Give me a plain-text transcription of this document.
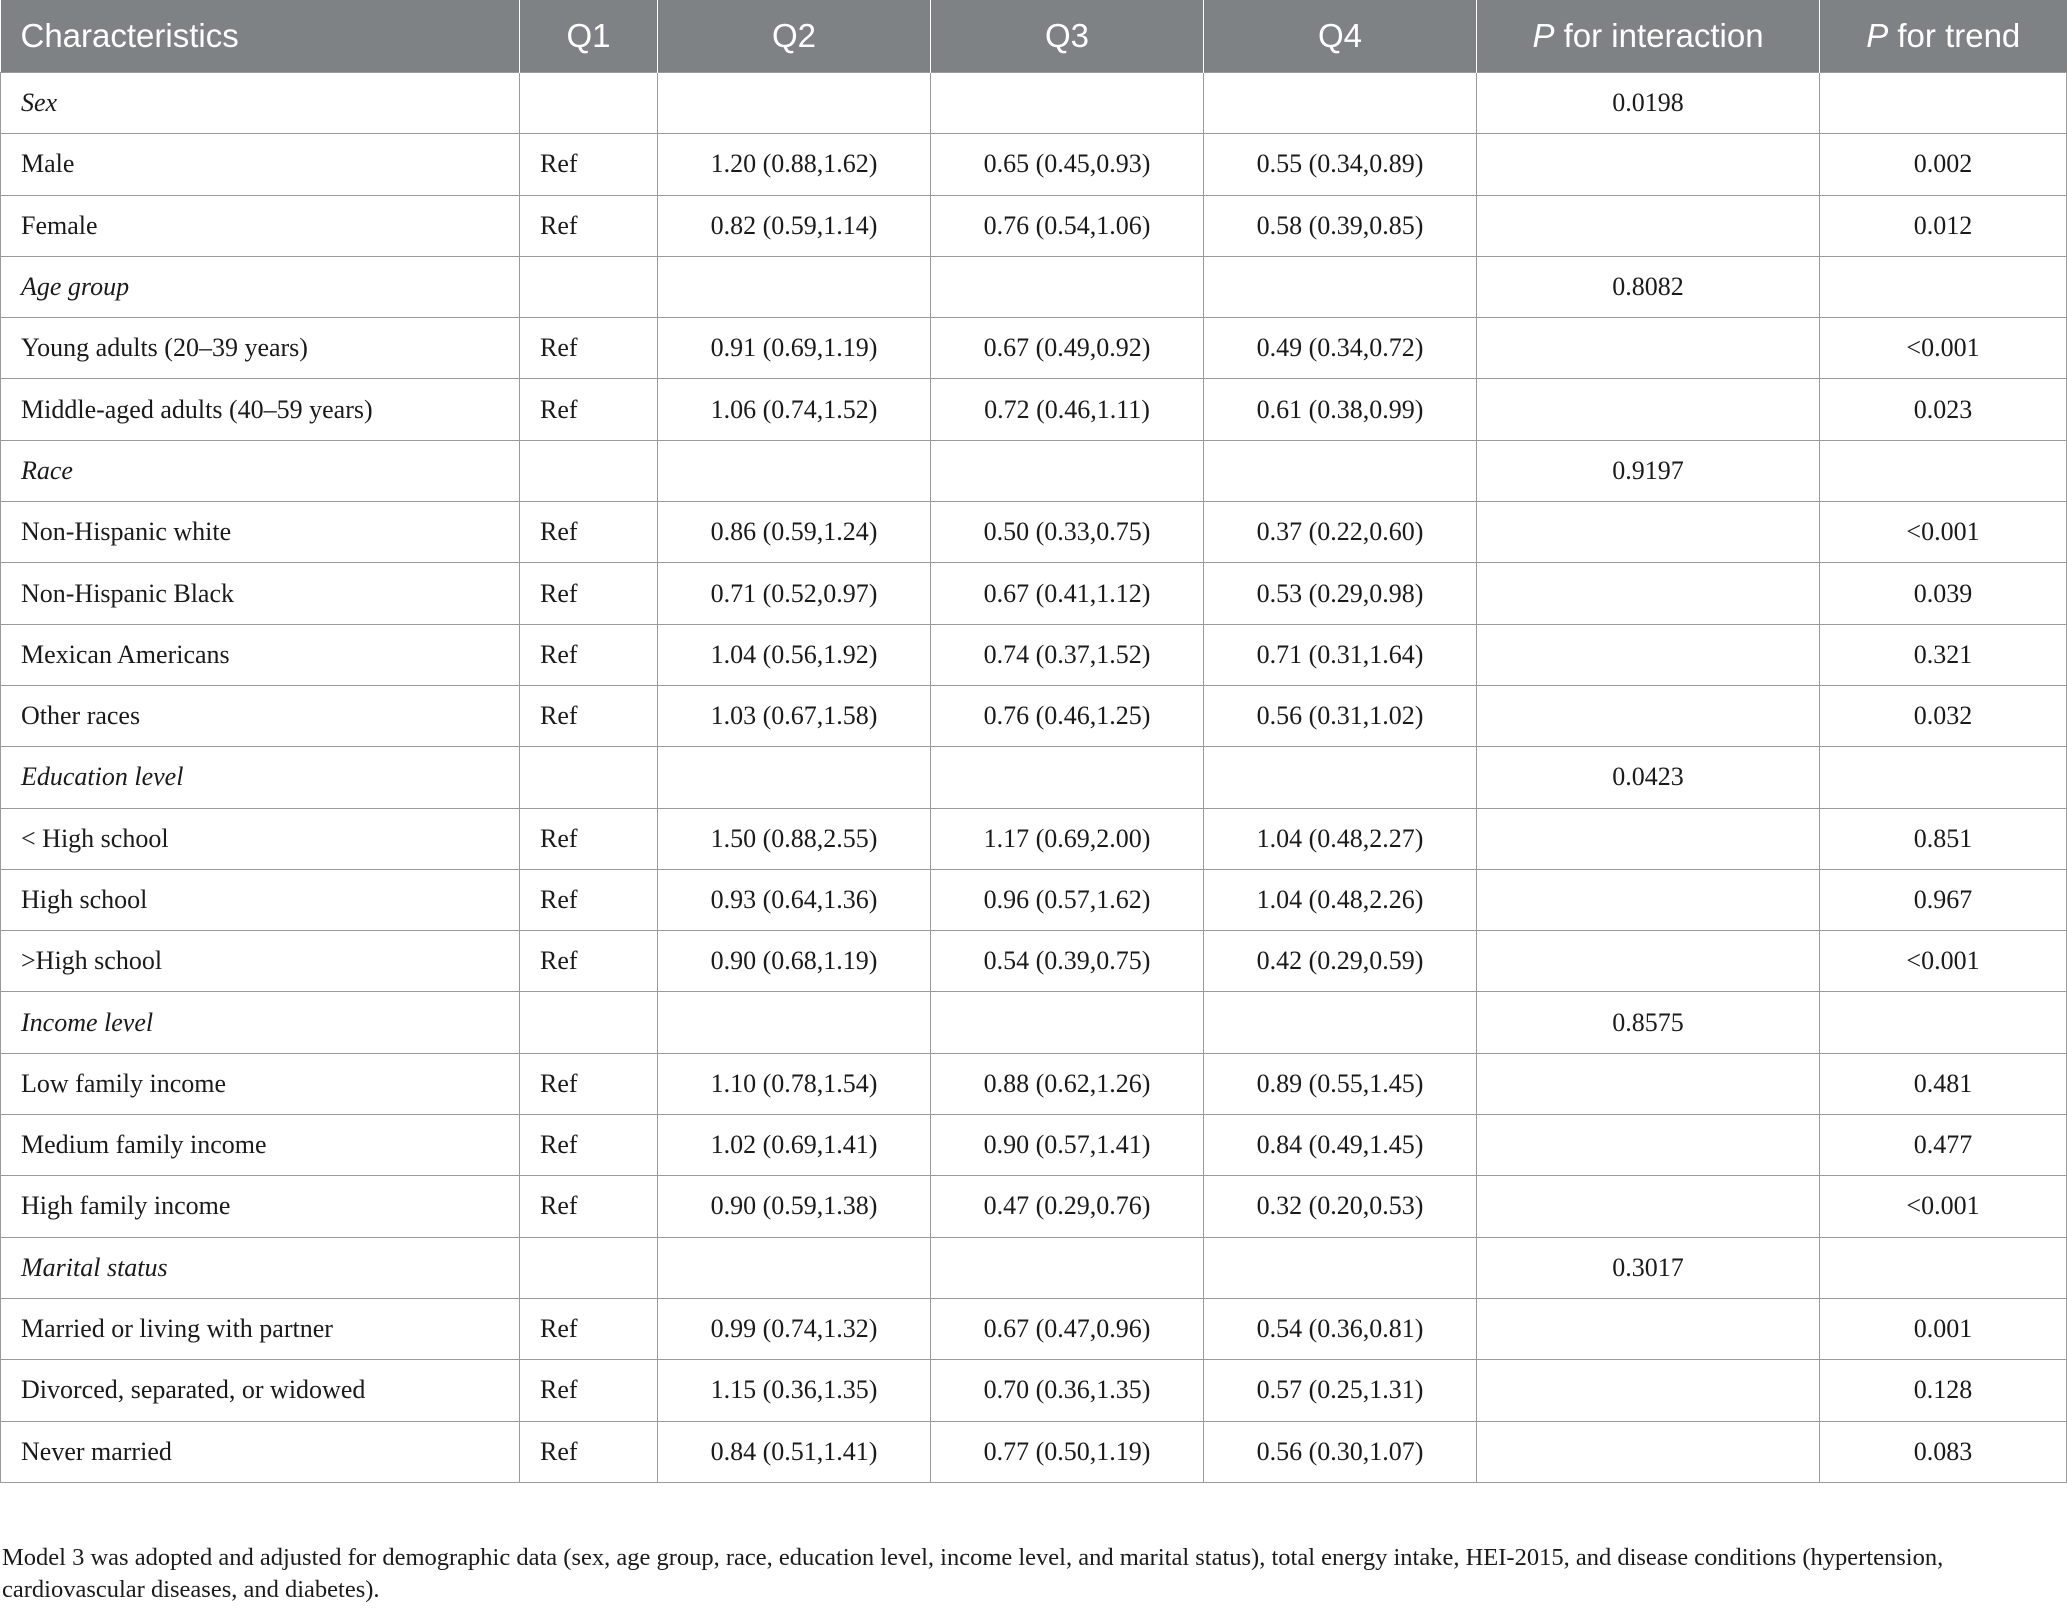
Characteristics	Q1	Q2	Q3	Q4	P for interaction	P for trend
Sex					0.0198	
Male	Ref	1.20 (0.88,1.62)	0.65 (0.45,0.93)	0.55 (0.34,0.89)		0.002
Female	Ref	0.82 (0.59,1.14)	0.76 (0.54,1.06)	0.58 (0.39,0.85)		0.012
Age group					0.8082	
Young adults (20–39 years)	Ref	0.91 (0.69,1.19)	0.67 (0.49,0.92)	0.49 (0.34,0.72)		<0.001
Middle-aged adults (40–59 years)	Ref	1.06 (0.74,1.52)	0.72 (0.46,1.11)	0.61 (0.38,0.99)		0.023
Race					0.9197	
Non-Hispanic white	Ref	0.86 (0.59,1.24)	0.50 (0.33,0.75)	0.37 (0.22,0.60)		<0.001
Non-Hispanic Black	Ref	0.71 (0.52,0.97)	0.67 (0.41,1.12)	0.53 (0.29,0.98)		0.039
Mexican Americans	Ref	1.04 (0.56,1.92)	0.74 (0.37,1.52)	0.71 (0.31,1.64)		0.321
Other races	Ref	1.03 (0.67,1.58)	0.76 (0.46,1.25)	0.56 (0.31,1.02)		0.032
Education level					0.0423	
< High school	Ref	1.50 (0.88,2.55)	1.17 (0.69,2.00)	1.04 (0.48,2.27)		0.851
High school	Ref	0.93 (0.64,1.36)	0.96 (0.57,1.62)	1.04 (0.48,2.26)		0.967
>High school	Ref	0.90 (0.68,1.19)	0.54 (0.39,0.75)	0.42 (0.29,0.59)		<0.001
Income level					0.8575	
Low family income	Ref	1.10 (0.78,1.54)	0.88 (0.62,1.26)	0.89 (0.55,1.45)		0.481
Medium family income	Ref	1.02 (0.69,1.41)	0.90 (0.57,1.41)	0.84 (0.49,1.45)		0.477
High family income	Ref	0.90 (0.59,1.38)	0.47 (0.29,0.76)	0.32 (0.20,0.53)		<0.001
Marital status					0.3017	
Married or living with partner	Ref	0.99 (0.74,1.32)	0.67 (0.47,0.96)	0.54 (0.36,0.81)		0.001
Divorced, separated, or widowed	Ref	1.15 (0.36,1.35)	0.70 (0.36,1.35)	0.57 (0.25,1.31)		0.128
Never married	Ref	0.84 (0.51,1.41)	0.77 (0.50,1.19)	0.56 (0.30,1.07)		0.083
Model 3 was adopted and adjusted for demographic data (sex, age group, race, education level, income level, and marital status), total energy intake, HEI-2015, and disease conditions (hypertension, cardiovascular diseases, and diabetes).
